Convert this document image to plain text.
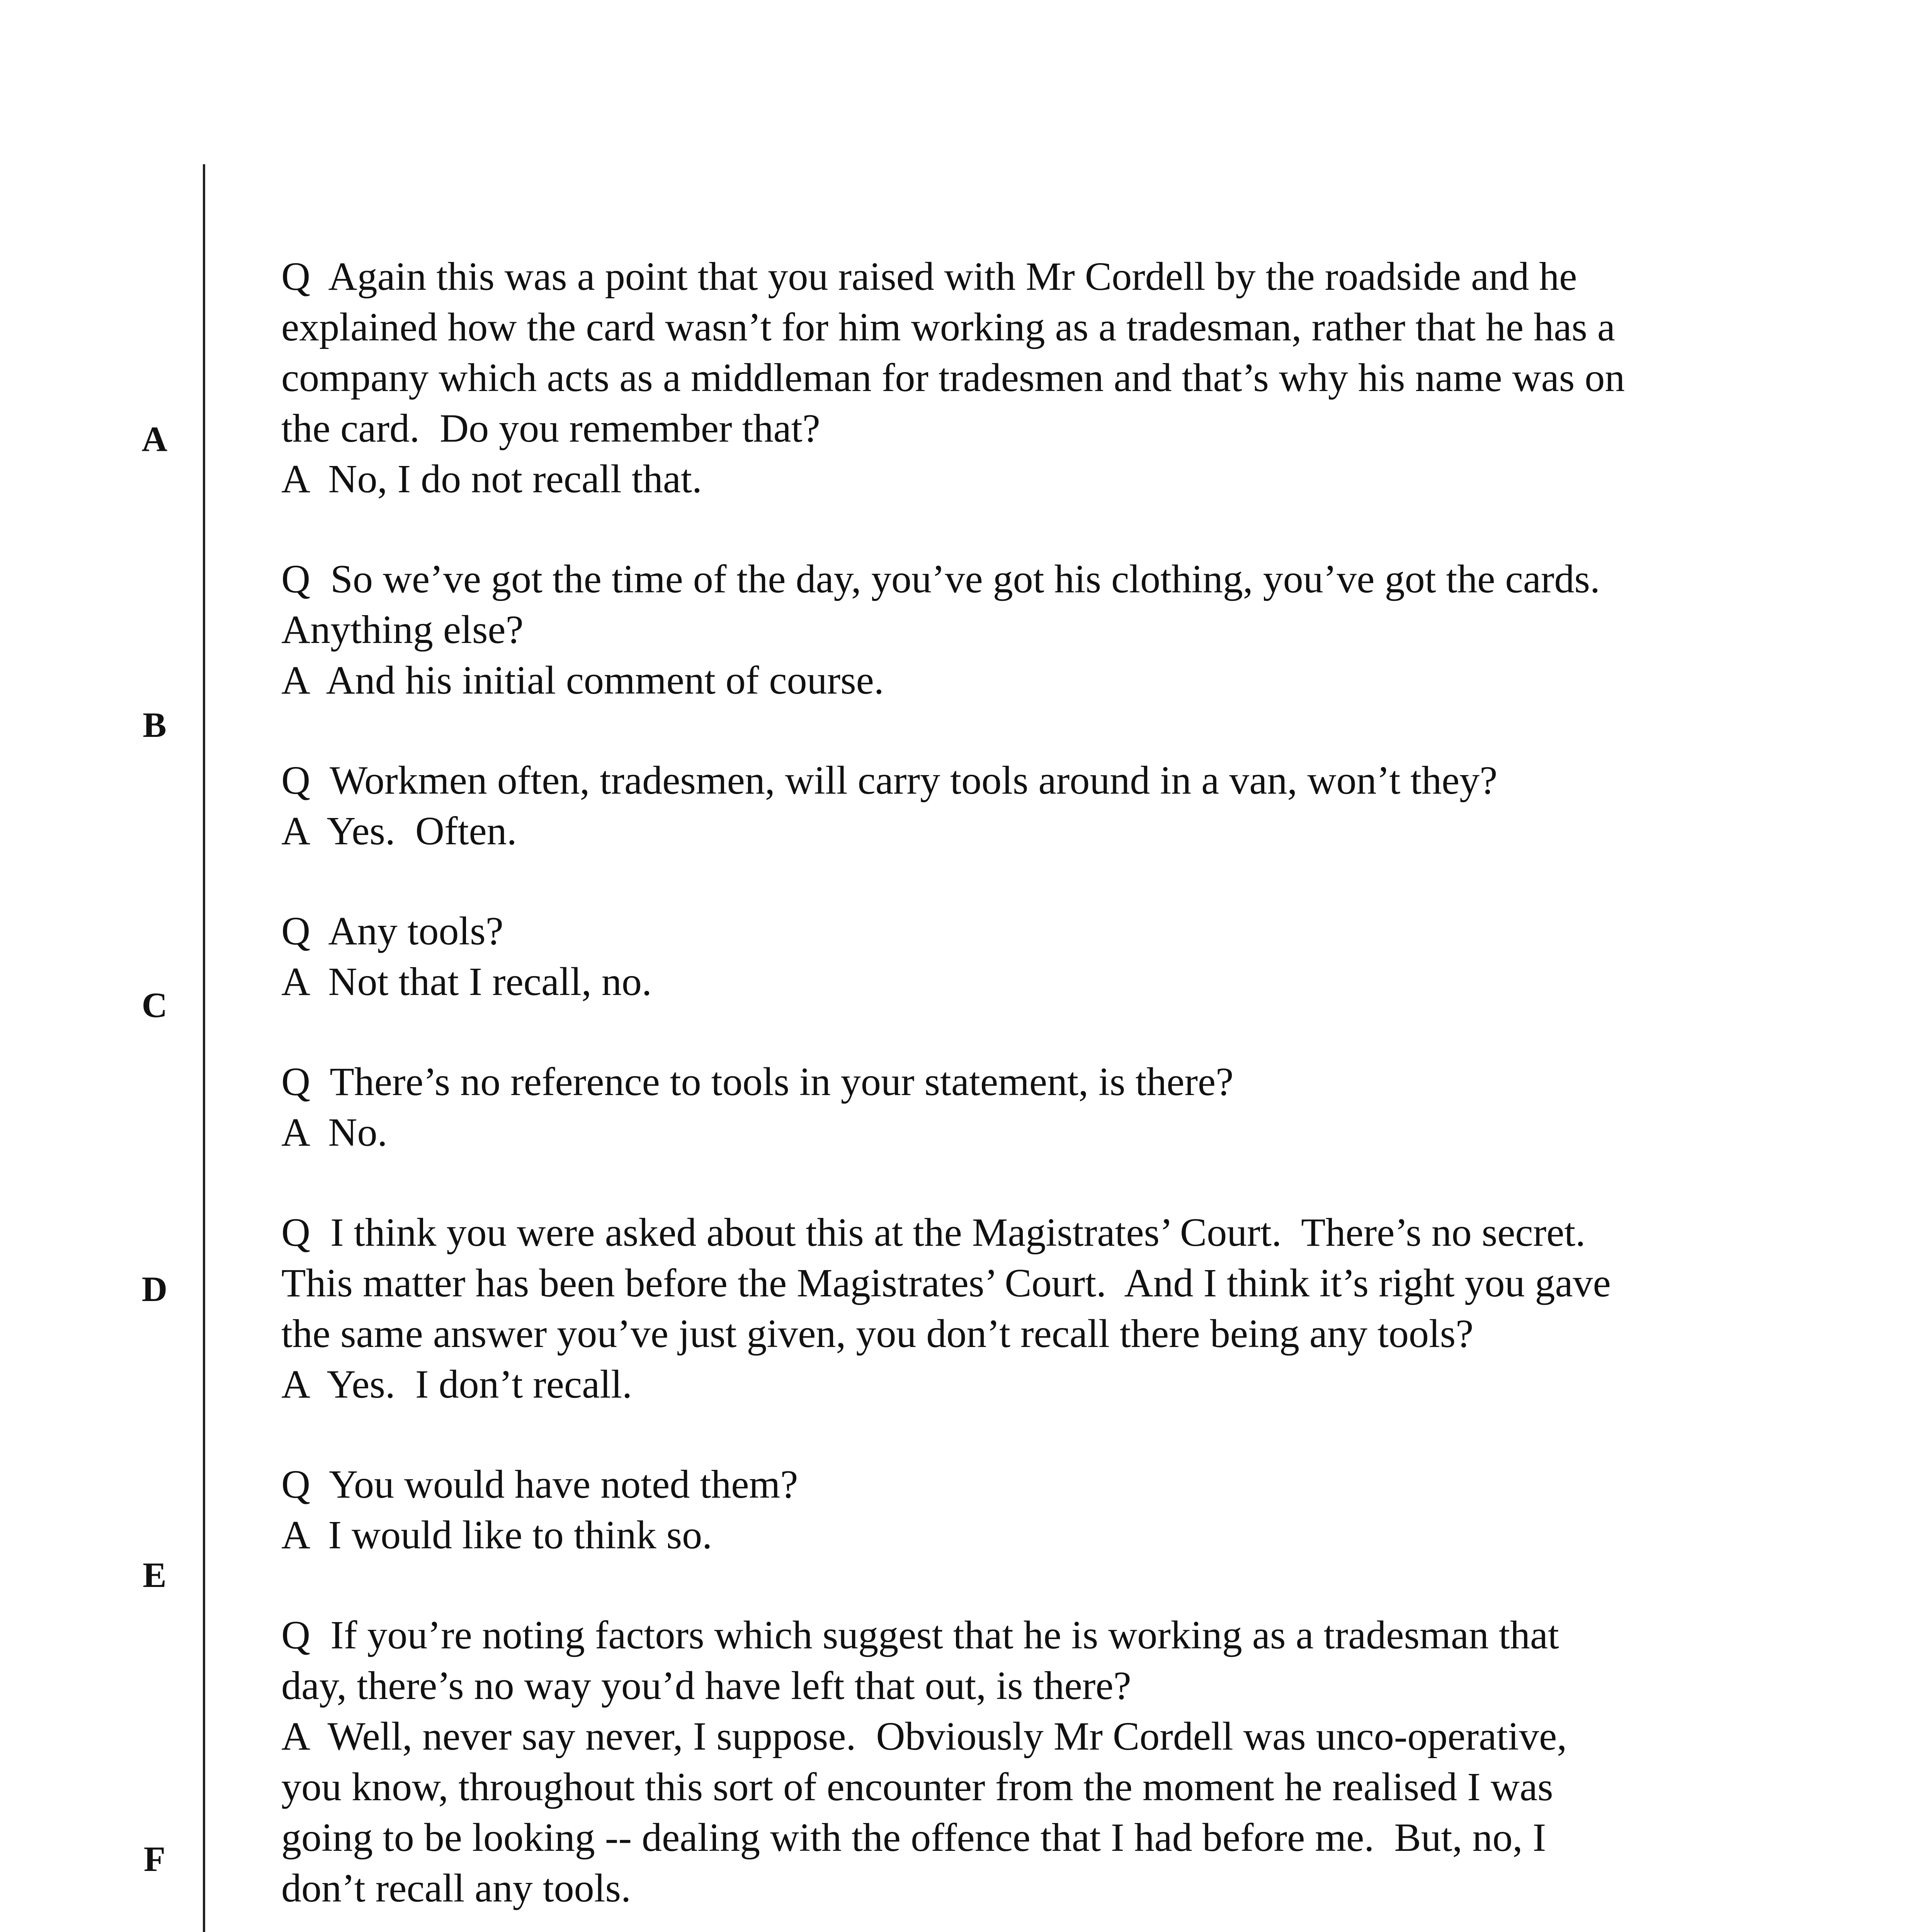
A
B
C
D
E
F
Q  Again this was a point that you raised with Mr Cordell by the roadside and he
explained how the card wasn’t for him working as a tradesman, rather that he has a
company which acts as a middleman for tradesmen and that’s why his name was on
the card.  Do you remember that?
A  No, I do not recall that.
Q  So we’ve got the time of the day, you’ve got his clothing, you’ve got the cards.
Anything else?
A  And his initial comment of course.
Q  Workmen often, tradesmen, will carry tools around in a van, won’t they?
A  Yes.  Often.
Q  Any tools?
A  Not that I recall, no.
Q  There’s no reference to tools in your statement, is there?
A  No.
Q  I think you were asked about this at the Magistrates’ Court.  There’s no secret.
This matter has been before the Magistrates’ Court.  And I think it’s right you gave
the same answer you’ve just given, you don’t recall there being any tools?
A  Yes.  I don’t recall.
Q  You would have noted them?
A  I would like to think so.
Q  If you’re noting factors which suggest that he is working as a tradesman that
day, there’s no way you’d have left that out, is there?
A  Well, never say never, I suppose.  Obviously Mr Cordell was unco-operative,
you know, throughout this sort of encounter from the moment he realised I was
going to be looking -- dealing with the offence that I had before me.  But, no, I
don’t recall any tools.
